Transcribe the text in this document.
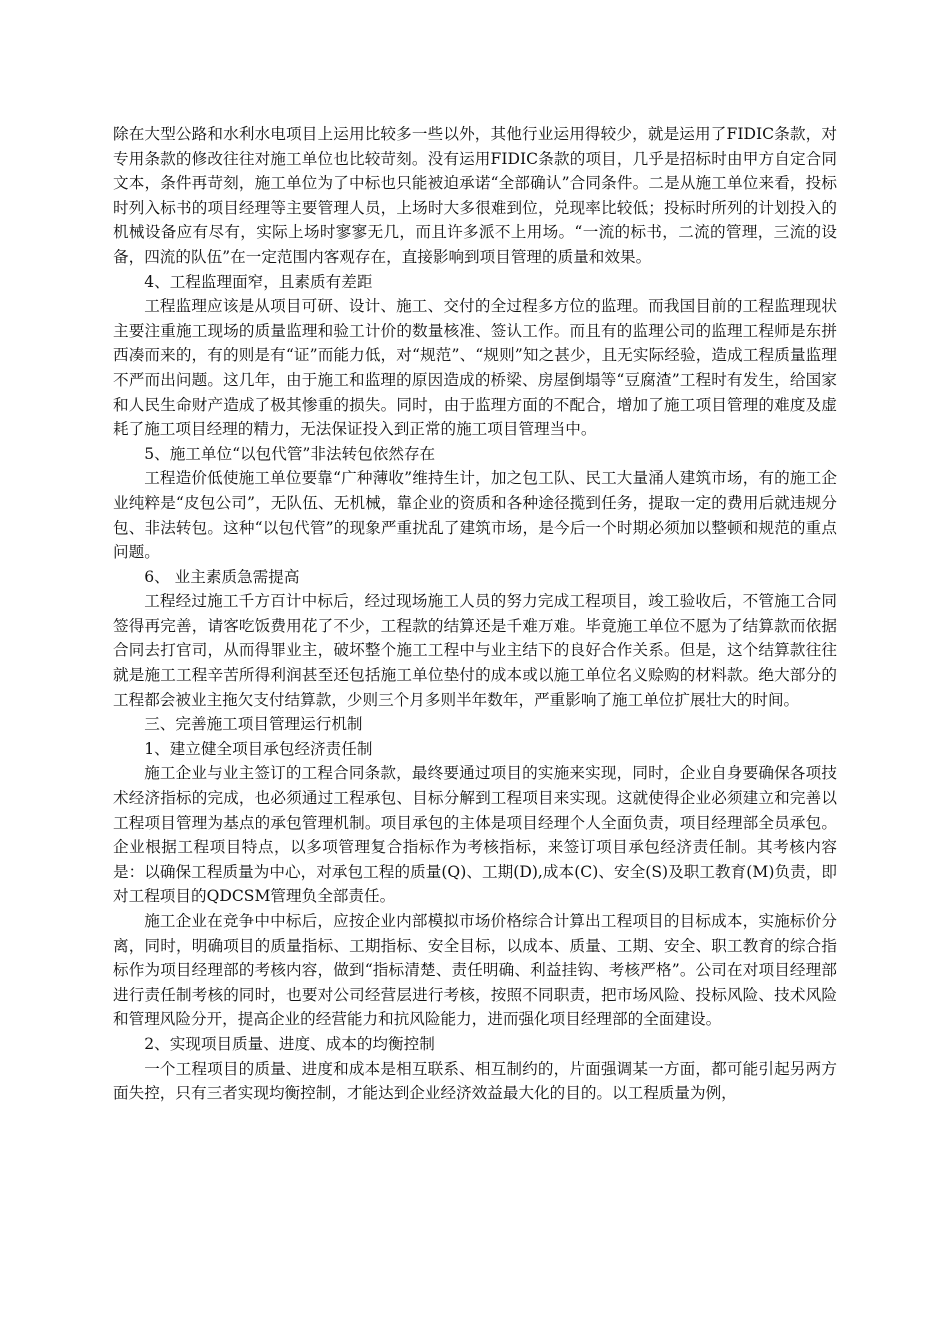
除在大型公路和水利水电项目上运用比较多一些以外，其他行业运用得较少，就是运用了FIDIC条款，对专用条款的修改往往对施工单位也比较苛刻。没有运用FIDIC条款的项目，几乎是招标时由甲方自定合同文本，条件再苛刻，施工单位为了中标也只能被迫承诺“全部确认”合同条件。二是从施工单位来看，投标时列入标书的项目经理等主要管理人员，上场时大多很难到位，兑现率比较低；投标时所列的计划投入的机械设备应有尽有，实际上场时寥寥无几，而且许多派不上用场。“一流的标书，二流的管理，三流的设备，四流的队伍”在一定范围内客观存在，直接影响到项目管理的质量和效果。

4、工程监理面窄，且素质有差距

工程监理应该是从项目可研、设计、施工、交付的全过程多方位的监理。而我国目前的工程监理现状主要注重施工现场的质量监理和验工计价的数量核准、签认工作。而且有的监理公司的监理工程师是东拼西凑而来的，有的则是有“证”而能力低，对“规范”、“规则”知之甚少，且无实际经验，造成工程质量监理不严而出问题。这几年，由于施工和监理的原因造成的桥梁、房屋倒塌等“豆腐渣”工程时有发生，给国家和人民生命财产造成了极其惨重的损失。同时，由于监理方面的不配合，增加了施工项目管理的难度及虚耗了施工项目经理的精力，无法保证投入到正常的施工项目管理当中。

5、施工单位“以包代管”非法转包依然存在

工程造价低使施工单位要靠“广种薄收”维持生计，加之包工队、民工大量涌人建筑市场，有的施工企业纯粹是“皮包公司”，无队伍、无机械，靠企业的资质和各种途径揽到任务，提取一定的费用后就违规分包、非法转包。这种“以包代管”的现象严重扰乱了建筑市场，是今后一个时期必须加以整顿和规范的重点问题。

6、 业主素质急需提高

工程经过施工千方百计中标后，经过现场施工人员的努力完成工程项目，竣工验收后，不管施工合同签得再完善，请客吃饭费用花了不少，工程款的结算还是千难万难。毕竟施工单位不愿为了结算款而依据合同去打官司，从而得罪业主，破坏整个施工工程中与业主结下的良好合作关系。但是，这个结算款往往就是施工工程辛苦所得利润甚至还包括施工单位垫付的成本或以施工单位名义赊购的材料款。绝大部分的工程都会被业主拖欠支付结算款，少则三个月多则半年数年，严重影响了施工单位扩展壮大的时间。

三、完善施工项目管理运行机制

1、建立健全项目承包经济责任制

施工企业与业主签订的工程合同条款，最终要通过项目的实施来实现，同时，企业自身要确保各项技术经济指标的完成，也必须通过工程承包、目标分解到工程项目来实现。这就使得企业必须建立和完善以工程项目管理为基点的承包管理机制。项目承包的主体是项目经理个人全面负责，项目经理部全员承包。企业根据工程项目特点，以多项管理复合指标作为考核指标，来签订项目承包经济责任制。其考核内容是：以确保工程质量为中心，对承包工程的质量(Q)、工期(D),成本(C)、安全(S)及职工教育(M)负责，即对工程项目的QDCSM管理负全部责任。

施工企业在竞争中中标后，应按企业内部模拟市场价格综合计算出工程项目的目标成本，实施标价分离，同时，明确项目的质量指标、工期指标、安全目标，以成本、质量、工期、安全、职工教育的综合指标作为项目经理部的考核内容，做到“指标清楚、责任明确、利益挂钩、考核严格”。公司在对项目经理部进行责任制考核的同时，也要对公司经营层进行考核，按照不同职责，把市场风险、投标风险、技术风险和管理风险分开，提高企业的经营能力和抗风险能力，进而强化项目经理部的全面建设。

2、实现项目质量、进度、成本的均衡控制

一个工程项目的质量、进度和成本是相互联系、相互制约的，片面强调某一方面，都可能引起另两方面失控，只有三者实现均衡控制，才能达到企业经济效益最大化的目的。以工程质量为例，
